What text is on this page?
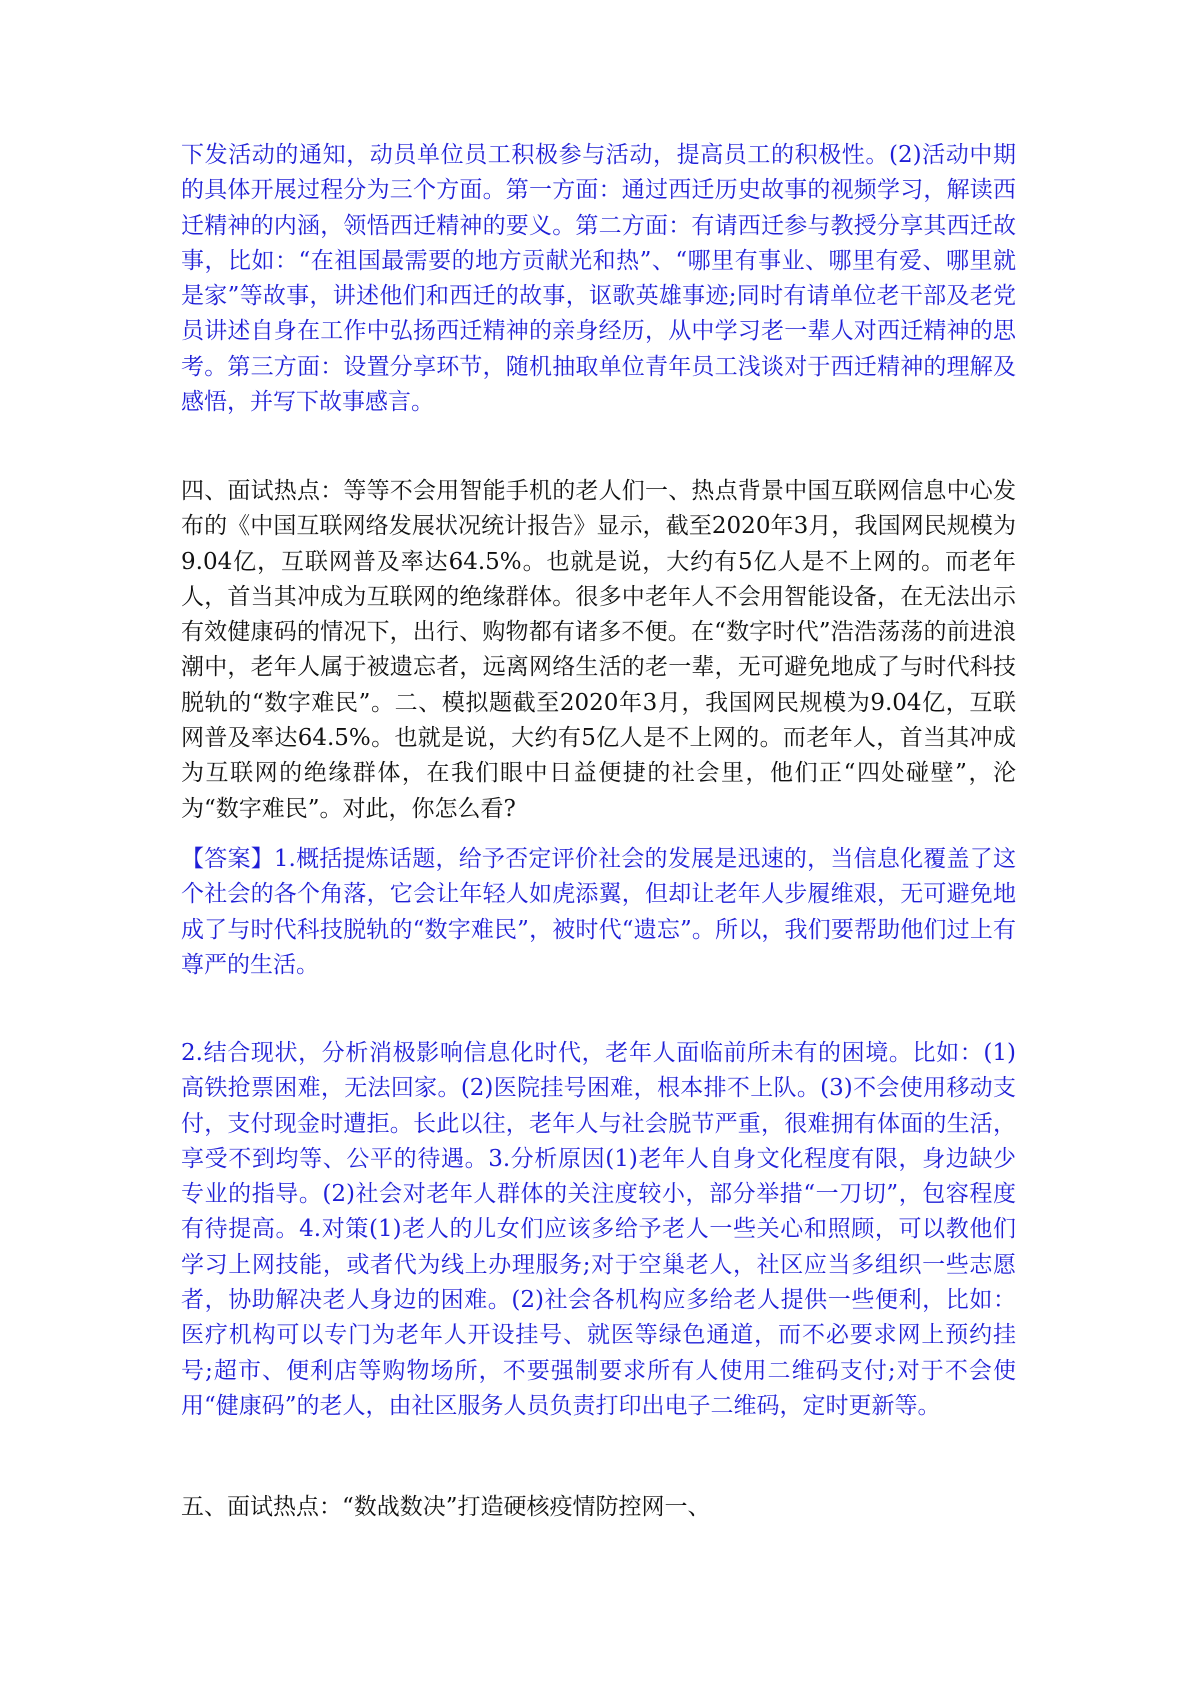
下发活动的通知，动员单位员工积极参与活动，提高员工的积极性。(2)活动中期的具体开展过程分为三个方面。第一方面：通过西迁历史故事的视频学习，解读西迁精神的内涵，领悟西迁精神的要义。第二方面：有请西迁参与教授分享其西迁故事，比如：“在祖国最需要的地方贡献光和热”、“哪里有事业、哪里有爱、哪里就是家”等故事，讲述他们和西迁的故事，讴歌英雄事迹;同时有请单位老干部及老党员讲述自身在工作中弘扬西迁精神的亲身经历，从中学习老一辈人对西迁精神的思考。第三方面：设置分享环节，随机抽取单位青年员工浅谈对于西迁精神的理解及感悟，并写下故事感言。

四、面试热点：等等不会用智能手机的老人们一、热点背景中国互联网信息中心发布的《中国互联网络发展状况统计报告》显示，截至2020年3月，我国网民规模为9.04亿，互联网普及率达64.5%。也就是说，大约有5亿人是不上网的。而老年人，首当其冲成为互联网的绝缘群体。很多中老年人不会用智能设备，在无法出示有效健康码的情况下，出行、购物都有诸多不便。在“数字时代”浩浩荡荡的前进浪潮中，老年人属于被遗忘者，远离网络生活的老一辈，无可避免地成了与时代科技脱轨的“数字难民”。二、模拟题截至2020年3月，我国网民规模为9.04亿，互联网普及率达64.5%。也就是说，大约有5亿人是不上网的。而老年人，首当其冲成为互联网的绝缘群体，在我们眼中日益便捷的社会里，他们正“四处碰壁”，沦为“数字难民”。对此，你怎么看?

【答案】1.概括提炼话题，给予否定评价社会的发展是迅速的，当信息化覆盖了这个社会的各个角落，它会让年轻人如虎添翼，但却让老年人步履维艰，无可避免地成了与时代科技脱轨的“数字难民”，被时代“遗忘”。所以，我们要帮助他们过上有尊严的生活。

2.结合现状，分析消极影响信息化时代，老年人面临前所未有的困境。比如：(1)高铁抢票困难，无法回家。(2)医院挂号困难，根本排不上队。(3)不会使用移动支付，支付现金时遭拒。长此以往，老年人与社会脱节严重，很难拥有体面的生活，享受不到均等、公平的待遇。3.分析原因(1)老年人自身文化程度有限，身边缺少专业的指导。(2)社会对老年人群体的关注度较小，部分举措“一刀切”，包容程度有待提高。4.对策(1)老人的儿女们应该多给予老人一些关心和照顾，可以教他们学习上网技能，或者代为线上办理服务;对于空巢老人，社区应当多组织一些志愿者，协助解决老人身边的困难。(2)社会各机构应多给老人提供一些便利，比如：医疗机构可以专门为老年人开设挂号、就医等绿色通道，而不必要求网上预约挂号;超市、便利店等购物场所，不要强制要求所有人使用二维码支付;对于不会使用“健康码”的老人，由社区服务人员负责打印出电子二维码，定时更新等。

五、面试热点：“数战数决”打造硬核疫情防控网一、
